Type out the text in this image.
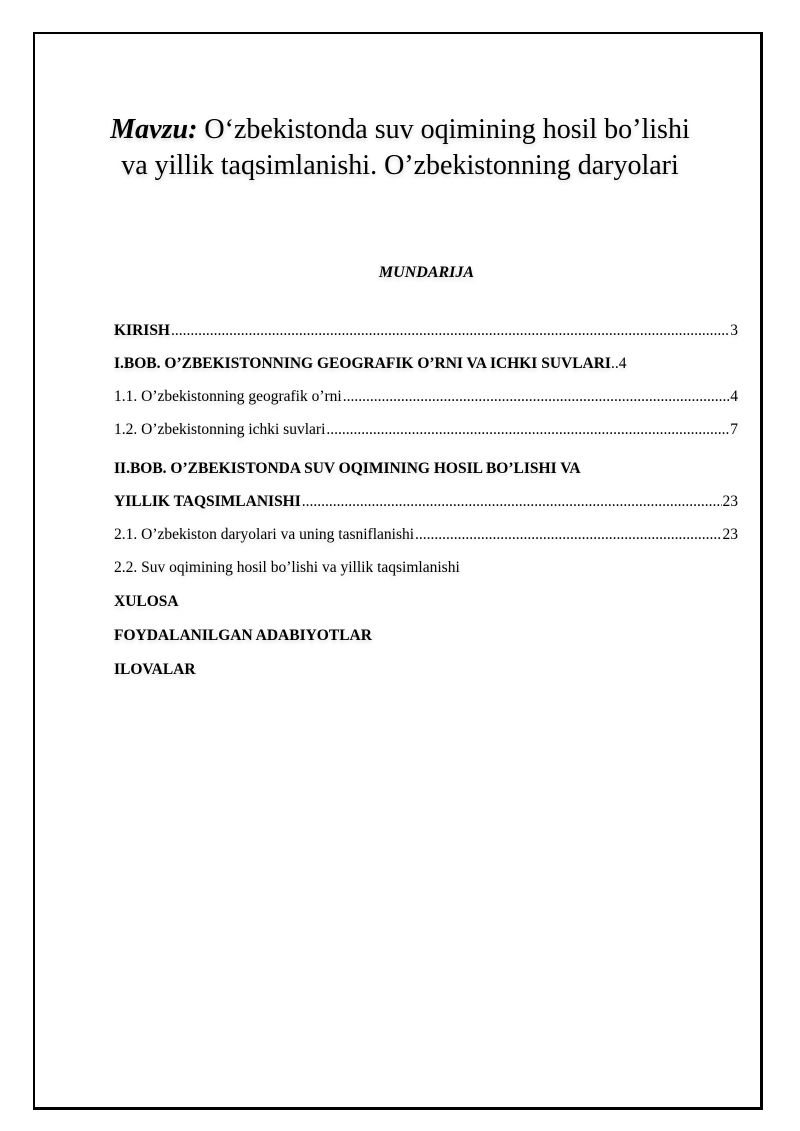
Mavzu: O‘zbekistonda suv oqimining hosil bo’lishi
va yillik taqsimlanishi. O’zbekistonning daryolari
MUNDARIJA
KIRISH .....	3
I.BOB. O’ZBEKISTONNING GEOGRAFIK O’RNI VA ICHKI SUVLARI ..4
1.1. O’zbekistonning geografik o’rni .....	4
1.2. O’zbekistonning ichki suvlari .....	7
II.BOB. O’ZBEKISTONDA SUV OQIMINING HOSIL BO’LISHI VA
YILLIK TAQSIMLANISHI .....	23
2.1. O’zbekiston daryolari va uning tasniflanishi .....	23
2.2. Suv oqimining hosil bo’lishi va yillik taqsimlanishi
XULOSA
FOYDALANILGAN ADABIYOTLAR
ILOVALAR
